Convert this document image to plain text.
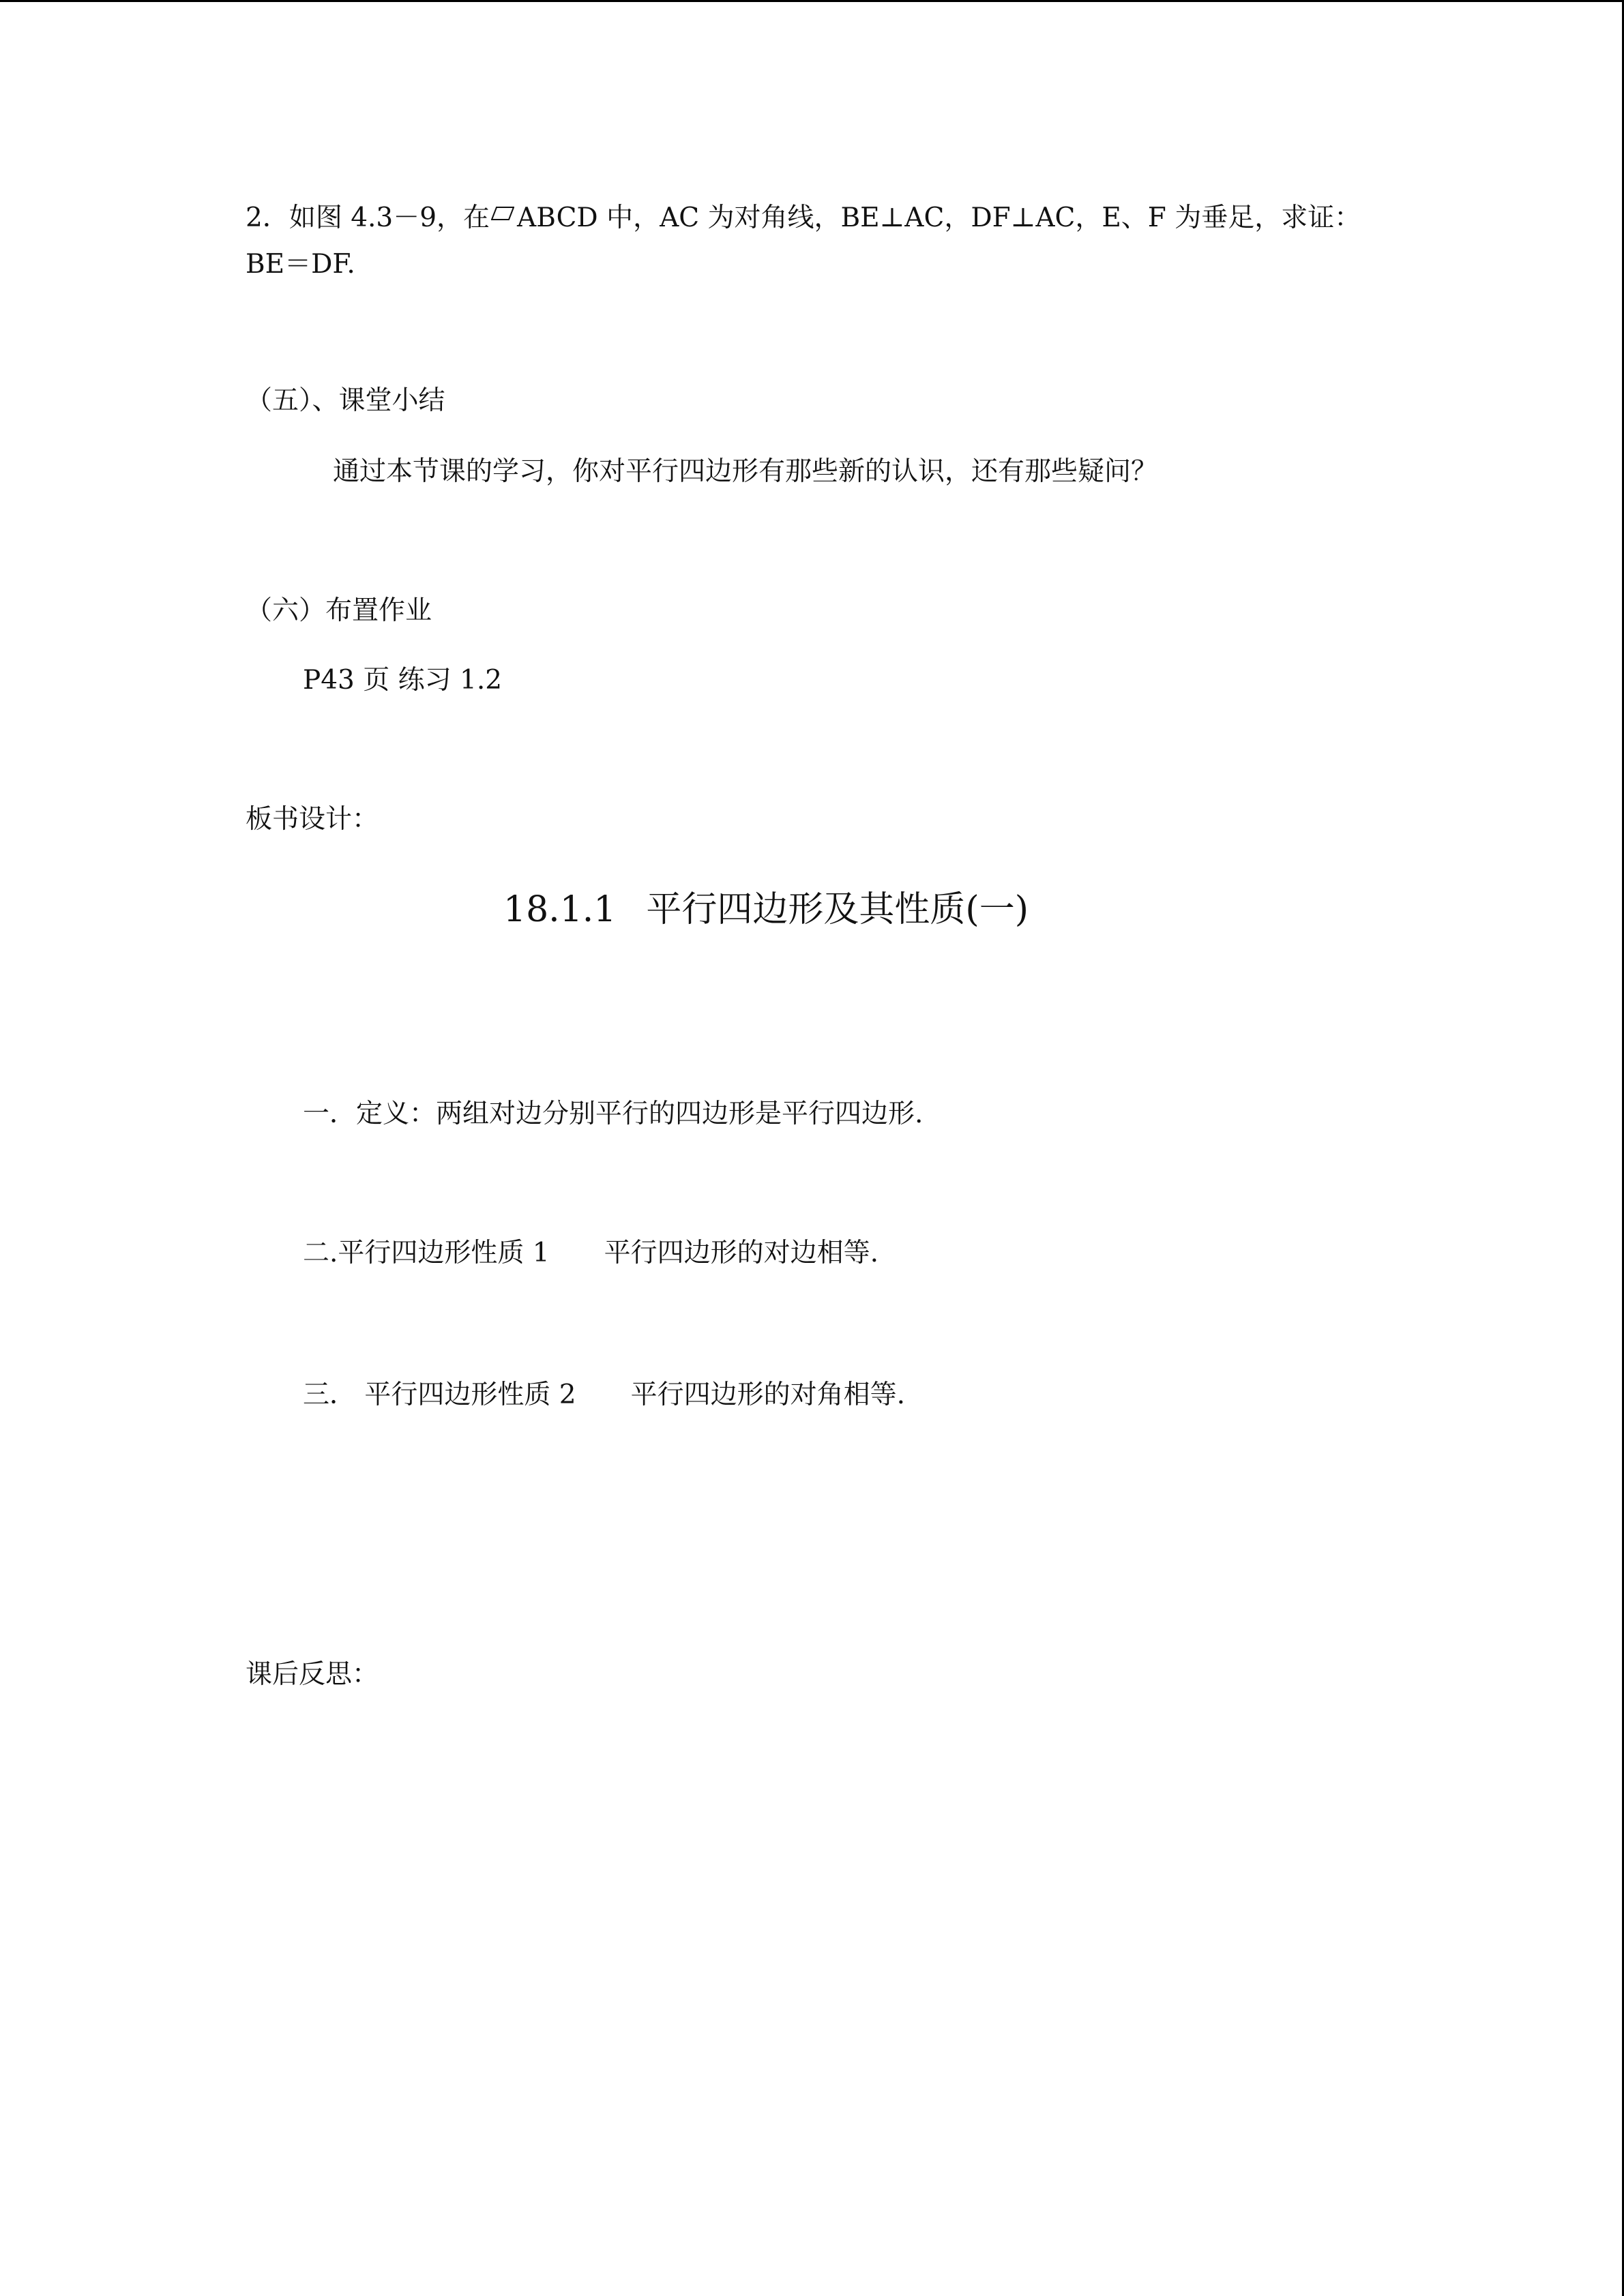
2．如图 4.3－9，在 ABCD 中，AC 为对角线，BE⊥AC，DF⊥AC，E、F 为垂足，求证：
BE＝DF.
（五）、课堂小结
通过本节课的学习，你对平行四边形有那些新的认识，还有那些疑问？
（六）布置作业
P43 页 练习 1.2
板书设计：
18.1.1 平行四边形及其性质(一)
一．定义：两组对边分别平行的四边形是平行四边形.
二.平行四边形性质 1 平行四边形的对边相等.
三． 平行四边形性质 2 平行四边形的对角相等.
课后反思：
